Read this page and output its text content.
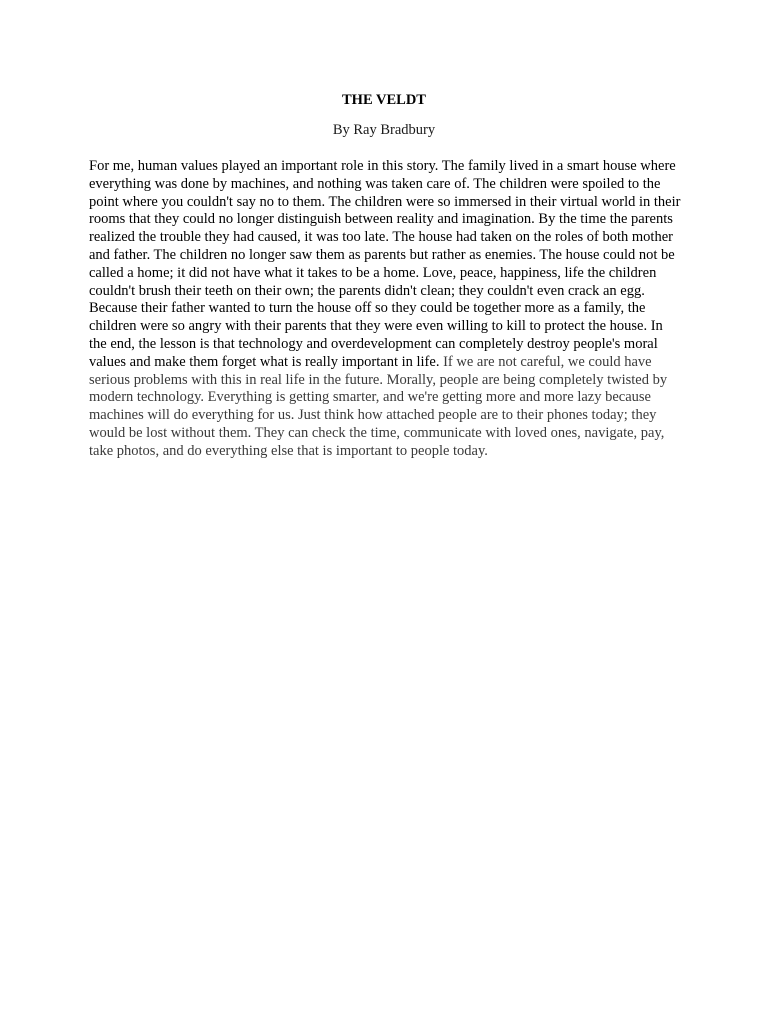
THE VELDT
By Ray Bradbury

For me, human values played an important role in this story. The family lived in a smart house where everything was done by machines, and nothing was taken care of. The children were spoiled to the point where you couldn't say no to them. The children were so immersed in their virtual world in their rooms that they could no longer distinguish between reality and imagination. By the time the parents realized the trouble they had caused, it was too late. The house had taken on the roles of both mother and father. The children no longer saw them as parents but rather as enemies. The house could not be called a home; it did not have what it takes to be a home. Love, peace, happiness, life the children couldn't brush their teeth on their own; the parents didn't clean; they couldn't even crack an egg. Because their father wanted to turn the house off so they could be together more as a family, the children were so angry with their parents that they were even willing to kill to protect the house. In the end, the lesson is that technology and overdevelopment can completely destroy people's moral values and make them forget what is really important in life. If we are not careful, we could have serious problems with this in real life in the future. Morally, people are being completely twisted by modern technology. Everything is getting smarter, and we're getting more and more lazy because machines will do everything for us. Just think how attached people are to their phones today; they would be lost without them. They can check the time, communicate with loved ones, navigate, pay, take photos, and do everything else that is important to people today.
